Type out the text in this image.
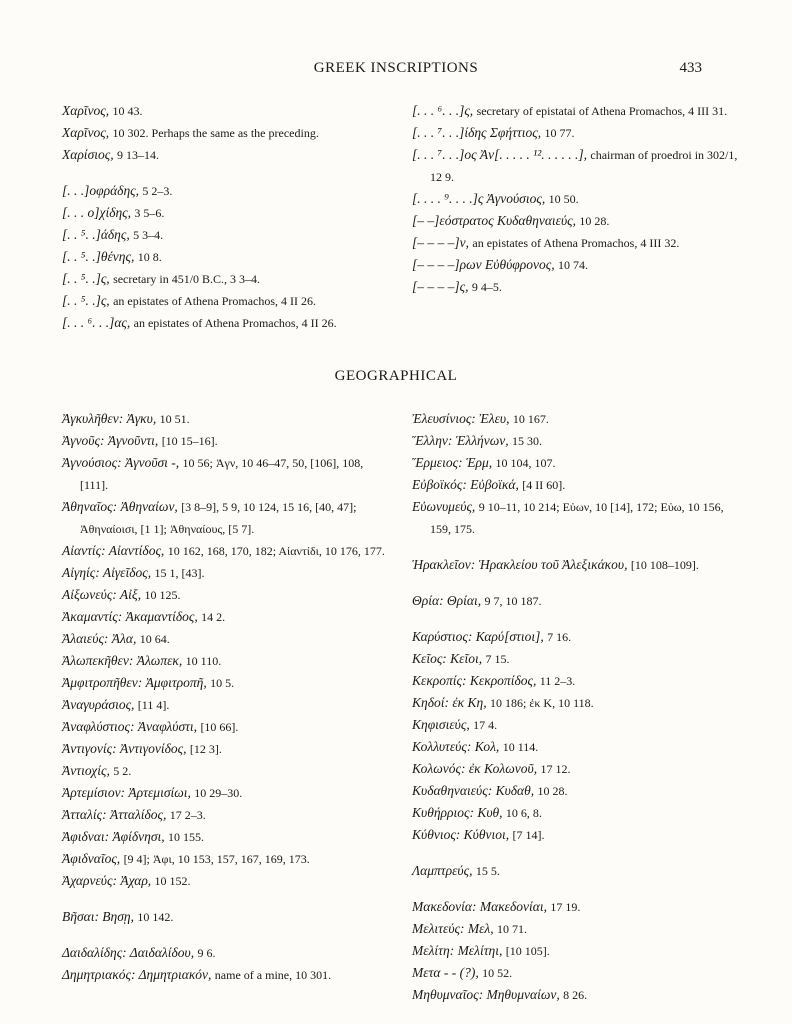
GREEK INSCRIPTIONS	433
Χαρῖνος, 10 43.
Χαρῖνος, 10 302. Perhaps the same as the preceding.
Χαρίσιος, 9 13–14.
[. . .]οφράδης, 5 2–3.
[. . . ο]χίδης, 3 5–6.
[. . ⁵. .]άδης, 5 3–4.
[. . ⁵. .]θένης, 10 8.
[. . ⁵. .]ς, secretary in 451/0 B.C., 3 3–4.
[. . ⁵. .]ς, an epistates of Athena Promachos, 4 II 26.
[. . . ⁶. . .]ας, an epistates of Athena Promachos, 4 II 26.
[. . . ⁶. . .]ς, secretary of epistatai of Athena Promachos, 4 III 31.
[. . . ⁷. . .]ίδης Σφήττιος, 10 77.
[. . . ⁷. . .]ος Ἀν[. . . . . ¹². . . . . .], chairman of proedroi in 302/1, 12 9.
[. . . . ⁹. . . .]ς Ἀγνούσιος, 10 50.
[– –]εόστρατος Κυδαθηναιεύς, 10 28.
[– – – –]ν, an epistates of Athena Promachos, 4 III 32.
[– – – –]ρων Εὐθύφρονος, 10 74.
[– – – –]ς, 9 4–5.
GEOGRAPHICAL
Ἀγκυλῆθεν: Ἀγκυ, 10 51.
Ἀγνοῦς: Ἀγνοῦντι, [10 15–16].
Ἀγνούσιος: Ἀγνοῦσι -, 10 56; Ἀγν, 10 46–47, 50, [106], 108, [111].
Ἀθηναῖος: Ἀθηναίων, [3 8–9], 5 9, 10 124, 15 16, [40, 47]; Ἀθηναίοισι, [1 1]; Ἀθηναίους, [5 7].
Αἰαντίς: Αἰαντίδος, 10 162, 168, 170, 182; Αἰαντίδι, 10 176, 177.
Αἰγηίς: Αἰγεῖδος, 15 1, [43].
Αἰξωνεύς: Αἰξ, 10 125.
Ἀκαμαντίς: Ἀκαμαντίδος, 14 2.
Ἀλαιεύς: Ἀλα, 10 64.
Ἀλωπεκῆθεν: Ἀλωπεκ, 10 110.
Ἀμφιτροπῆθεν: Ἀμφιτροπῆ, 10 5.
Ἀναγυράσιος, [11 4].
Ἀναφλύστιος: Ἀναφλύστι, [10 66].
Ἀντιγονίς: Ἀντιγονίδος, [12 3].
Ἀντιοχίς, 5 2.
Ἀρτεμίσιον: Ἀρτεμισίωι, 10 29–30.
Ἀτταλίς: Ἀτταλίδος, 17 2–3.
Ἀφιδναι: Ἀφίδνησι, 10 155.
Ἀφιδναῖος, [9 4]; Ἀφι, 10 153, 157, 167, 169, 173.
Ἀχαρνεύς: Ἀχαρ, 10 152.
Βῆσαι: Βησῃ, 10 142.
Δαιδαλίδης: Δαιδαλίδου, 9 6.
Δημητριακός: Δημητριακόν, name of a mine, 10 301.
Ἐλευσίνιος: Ἐλευ, 10 167.
Ἕλλην: Ἑλλήνων, 15 30.
Ἕρμειος: Ἑρμ, 10 104, 107.
Εὐβοϊκός: Εὐβοϊκά, [4 II 60].
Εὐωνυμεύς, 9 10–11, 10 214; Εὐων, 10 [14], 172; Εὐω, 10 156, 159, 175.
Ἡρακλεῖον: Ἡρακλείου τοῦ Ἀλεξικάκου, [10 108–109].
Θρία: Θρίαι, 9 7, 10 187.
Καρύστιος: Καρύ[στιοι], 7 16.
Κεῖος: Κεῖοι, 7 15.
Κεκροπίς: Κεκροπίδος, 11 2–3.
Κηδοί: ἐκ Κη, 10 186; ἐκ Κ, 10 118.
Κηφισιεύς, 17 4.
Κολλυτεύς: Κολ, 10 114.
Κολωνός: ἐκ Κολωνοῦ, 17 12.
Κυδαθηναιεύς: Κυδαθ, 10 28.
Κυθήρριος: Κυθ, 10 6, 8.
Κύθνιος: Κύθνιοι, [7 14].
Λαμπτρεύς, 15 5.
Μακεδονία: Μακεδονίαι, 17 19.
Μελιτεύς: Μελ, 10 71.
Μελίτη: Μελίτηι, [10 105].
Μετα - - (?), 10 52.
Μηθυμναῖος: Μηθυμναίων, 8 26.
